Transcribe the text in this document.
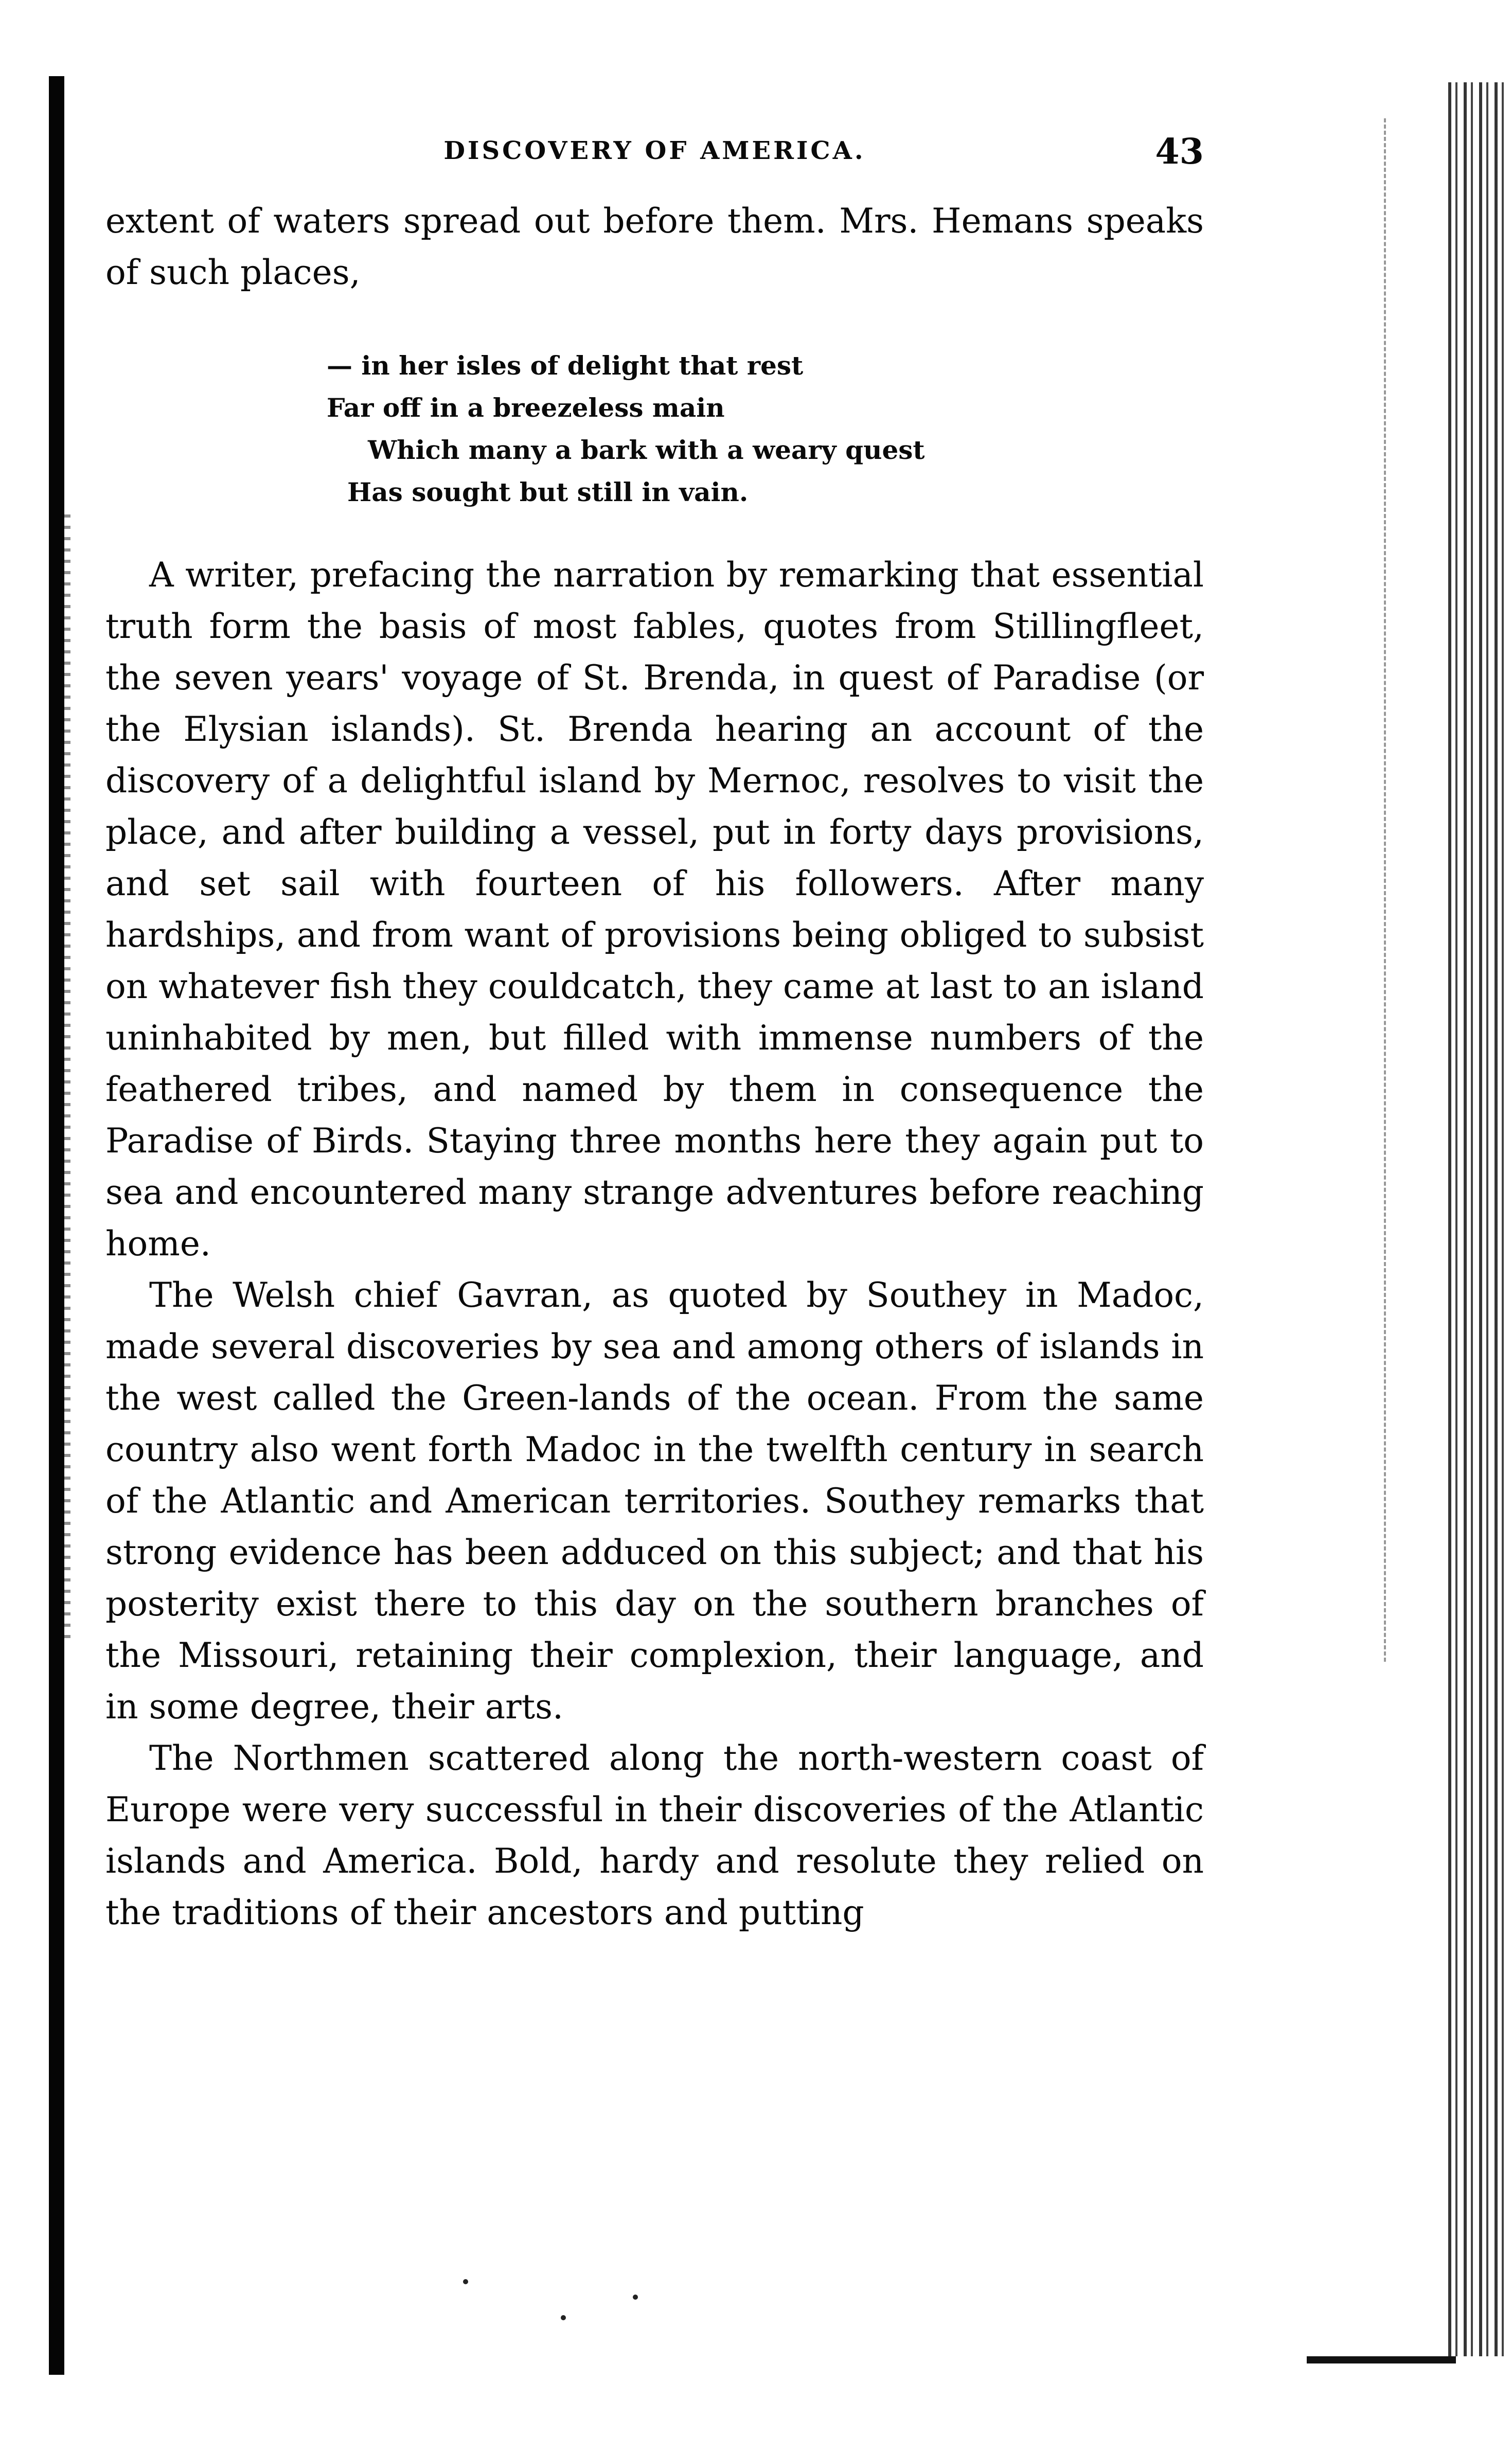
DISCOVERY OF AMERICA.	43

extent of waters spread out before them. Mrs. Hemans speaks of such places,

— in her isles of delight that rest
Far off in a breezeless main
Which many a bark with a weary quest
Has sought but still in vain.

A writer, prefacing the narration by remarking that essential truth form the basis of most fables, quotes from Stillingfleet, the seven years' voyage of St. Brenda, in quest of Paradise (or the Elysian islands). St. Brenda hearing an account of the discovery of a delightful island by Mernoc, resolves to visit the place, and after building a vessel, put in forty days provisions, and set sail with fourteen of his followers. After many hardships, and from want of provisions being obliged to subsist on whatever fish they couldcatch, they came at last to an island uninhabited by men, but filled with immense numbers of the feathered tribes, and named by them in consequence the Paradise of Birds. Staying three months here they again put to sea and encountered many strange adventures before reaching home.

The Welsh chief Gavran, as quoted by Southey in Madoc, made several discoveries by sea and among others of islands in the west called the Green-lands of the ocean. From the same country also went forth Madoc in the twelfth century in search of the Atlantic and American territories. Southey remarks that strong evidence has been adduced on this subject; and that his posterity exist there to this day on the southern branches of the Missouri, retaining their complexion, their language, and in some degree, their arts.

The Northmen scattered along the north-western coast of Europe were very successful in their discoveries of the Atlantic islands and America. Bold, hardy and resolute they relied on the traditions of their ancestors and putting
